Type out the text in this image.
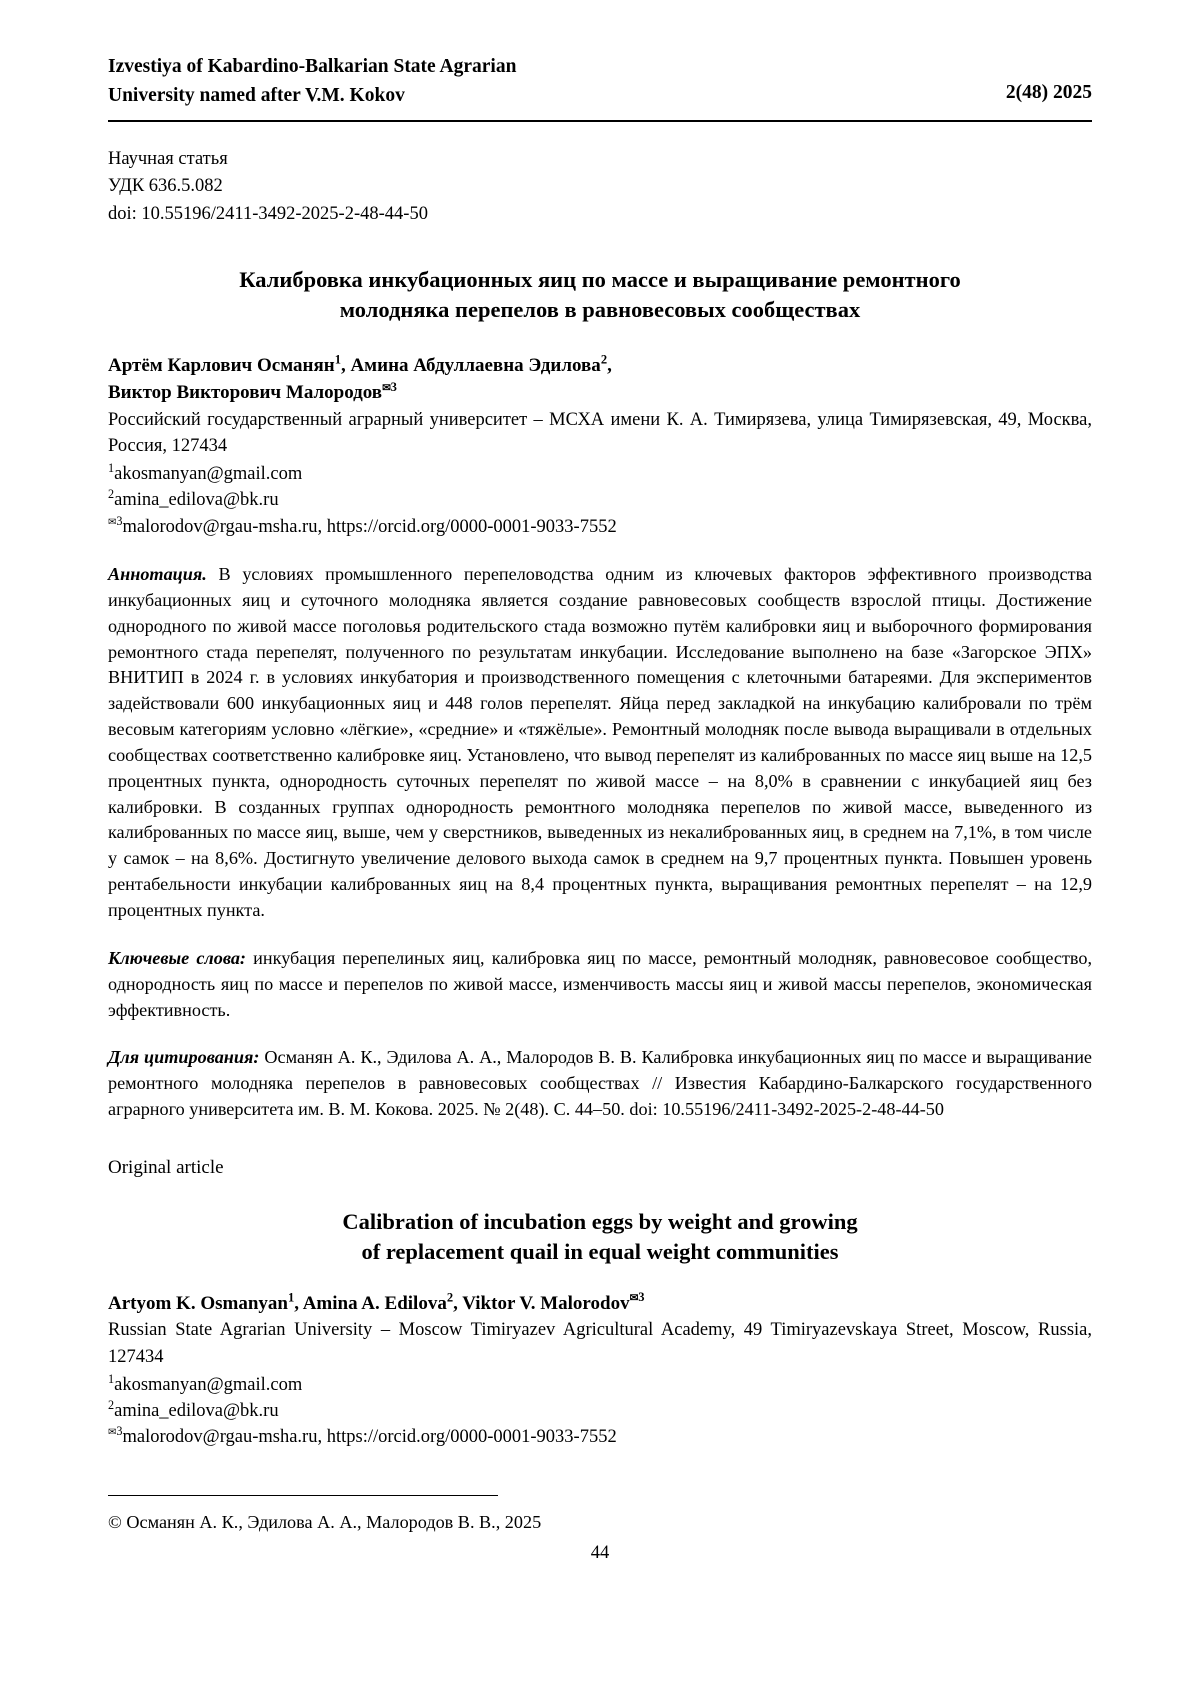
Izvestiya of Kabardino-Balkarian State Agrarian
University named after V.M. Kokov	2(48) 2025
Научная статья
УДК 636.5.082
doi: 10.55196/2411-3492-2025-2-48-44-50
Калибровка инкубационных яиц по массе и выращивание ремонтного
молодняка перепелов в равновесовых сообществах
Артём Карлович Османян$^1$, Амина Абдуллаевна Эдилова$^2$,
Виктор Викторович Малородов$^{✉3}$
Российский государственный аграрный университет – МСХА имени К. А. Тимирязева, улица Тимирязевская, 49, Москва, Россия, 127434
$^1$akosmanyan@gmail.com
$^2$amina_edilova@bk.ru
$^{✉3}$malorodov@rgau-msha.ru, https://orcid.org/0000-0001-9033-7552
Аннотация. В условиях промышленного перепеловодства одним из ключевых факторов эффективного производства инкубационных яиц и суточного молодняка является создание равновесовых сообществ взрослой птицы. Достижение однородного по живой массе поголовья родительского стада возможно путём калибровки яиц и выборочного формирования ремонтного стада перепелят, полученного по результатам инкубации. Исследование выполнено на базе «Загорское ЭПХ» ВНИТИП в 2024 г. в условиях инкубатория и производственного помещения с клеточными батареями. Для экспериментов задействовали 600 инкубационных яиц и 448 голов перепелят. Яйца перед закладкой на инкубацию калибровали по трём весовым категориям условно «лёгкие», «средние» и «тяжёлые». Ремонтный молодняк после вывода выращивали в отдельных сообществах соответственно калибровке яиц. Установлено, что вывод перепелят из калиброванных по массе яиц выше на 12,5 процентных пункта, однородность суточных перепелят по живой массе – на 8,0% в сравнении с инкубацией яиц без калибровки. В созданных группах однородность ремонтного молодняка перепелов по живой массе, выведенного из калиброванных по массе яиц, выше, чем у сверстников, выведенных из некалиброванных яиц, в среднем на 7,1%, в том числе у самок – на 8,6%. Достигнуто увеличение делового выхода самок в среднем на 9,7 процентных пункта. Повышен уровень рентабельности инкубации калиброванных яиц на 8,4 процентных пункта, выращивания ремонтных перепелят – на 12,9 процентных пункта.
Ключевые слова: инкубация перепелиных яиц, калибровка яиц по массе, ремонтный молодняк, равновесовое сообщество, однородность яиц по массе и перепелов по живой массе, изменчивость массы яиц и живой массы перепелов, экономическая эффективность.
Для цитирования: Османян А. К., Эдилова А. А., Малородов В. В. Калибровка инкубационных яиц по массе и выращивание ремонтного молодняка перепелов в равновесовых сообществах // Известия Кабардино-Балкарского государственного аграрного университета им. В. М. Кокова. 2025. № 2(48). С. 44–50. doi: 10.55196/2411-3492-2025-2-48-44-50
Original article
Calibration of incubation eggs by weight and growing
of replacement quail in equal weight communities
Artyom K. Osmanyan$^1$, Amina A. Edilova$^2$, Viktor V. Malorodov$^{✉3}$
Russian State Agrarian University – Moscow Timiryazev Agricultural Academy, 49 Timiryazevskaya Street, Moscow, Russia, 127434
$^1$akosmanyan@gmail.com
$^2$amina_edilova@bk.ru
$^{✉3}$malorodov@rgau-msha.ru, https://orcid.org/0000-0001-9033-7552
© Османян А. К., Эдилова А. А., Малородов В. В., 2025
44
